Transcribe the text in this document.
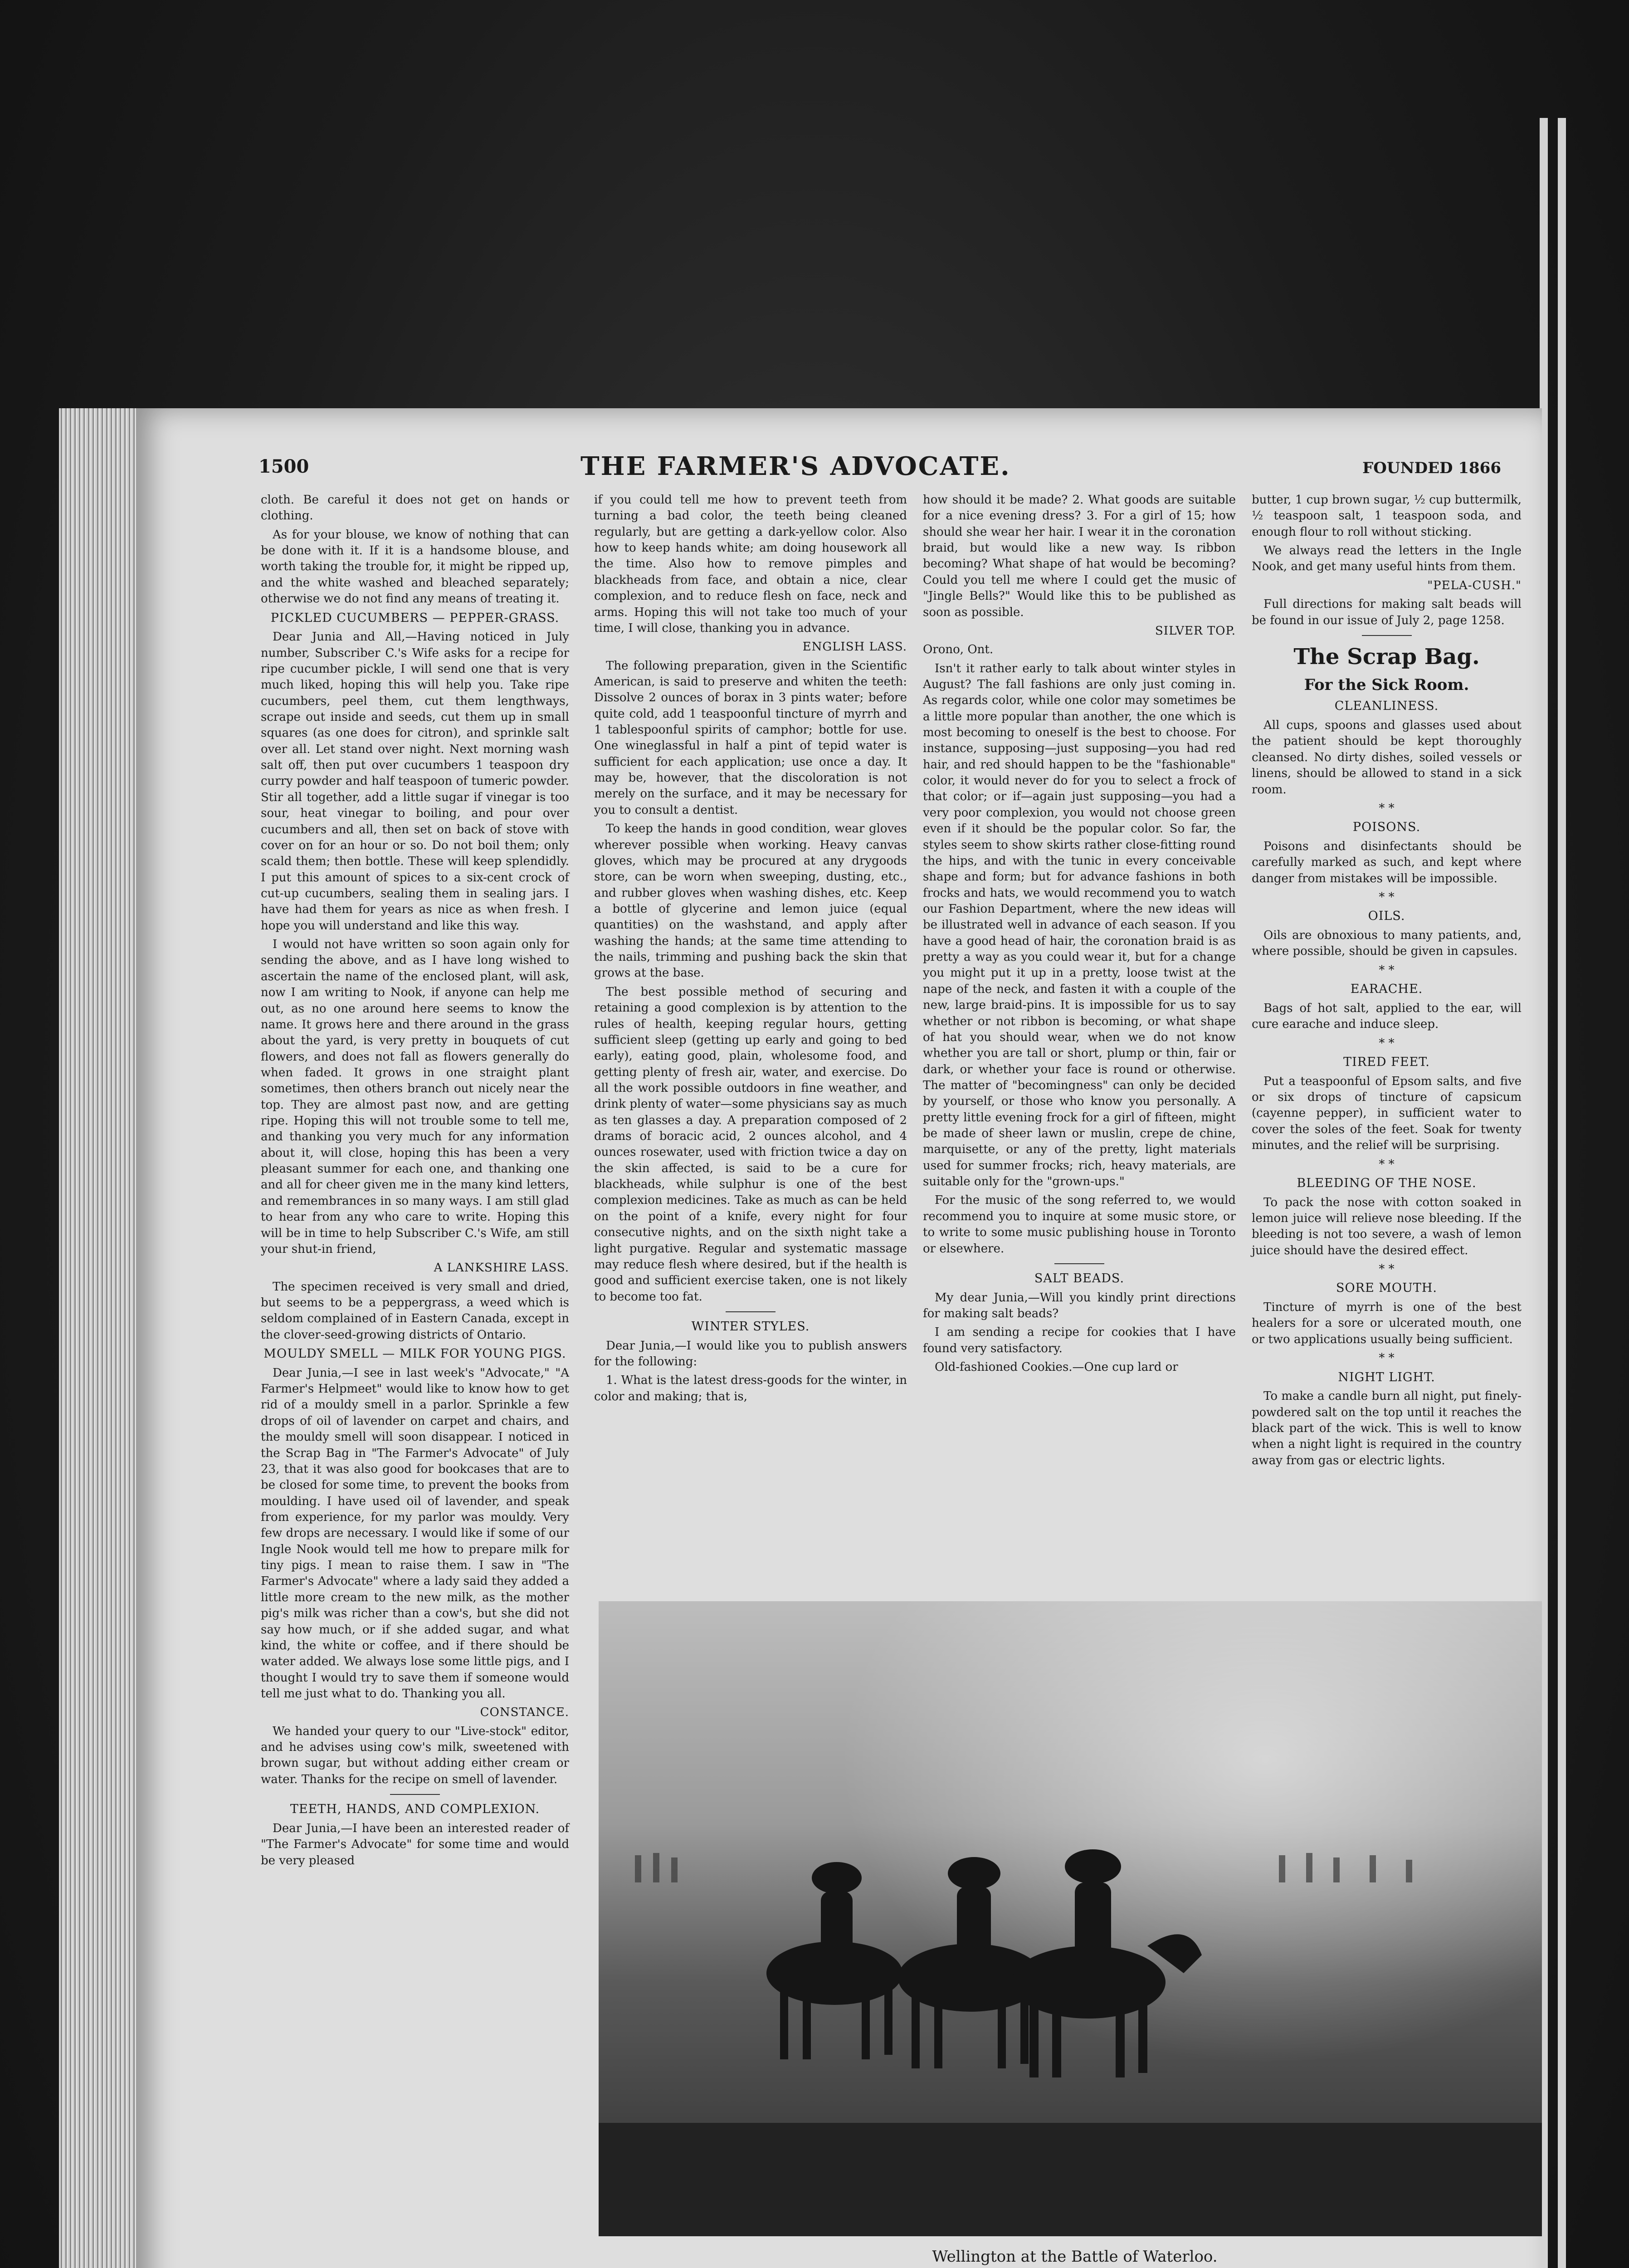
1500	THE FARMER'S ADVOCATE.	FOUNDED 1866

cloth. Be careful it does not get on hands or clothing.

As for your blouse, we know of nothing that can be done with it. If it is a handsome blouse, and worth taking the trouble for, it might be ripped up, and the white washed and bleached separately; otherwise we do not find any means of treating it.

PICKLED CUCUMBERS — PEPPER-GRASS.

Dear Junia and All,—Having noticed in July number, Subscriber C.'s Wife asks for a recipe for ripe cucumber pickle, I will send one that is very much liked, hoping this will help you. Take ripe cucumbers, peel them, cut them lengthways, scrape out inside and seeds, cut them up in small squares (as one does for citron), and sprinkle salt over all. Let stand over night. Next morning wash salt off, then put over cucumbers 1 teaspoon dry curry powder and half teaspoon of tumeric powder. Stir all together, add a little sugar if vinegar is too sour, heat vinegar to boiling, and pour over cucumbers and all, then set on back of stove with cover on for an hour or so. Do not boil them; only scald them; then bottle. These will keep splendidly. I put this amount of spices to a six-cent crock of cut-up cucumbers, sealing them in sealing jars. I have had them for years as nice as when fresh. I hope you will understand and like this way.

I would not have written so soon again only for sending the above, and as I have long wished to ascertain the name of the enclosed plant, will ask, now I am writing to Nook, if anyone can help me out, as no one around here seems to know the name. It grows here and there around in the grass about the yard, is very pretty in bouquets of cut flowers, and does not fall as flowers generally do when faded. It grows in one straight plant sometimes, then others branch out nicely near the top. They are almost past now, and are getting ripe. Hoping this will not trouble some to tell me, and thanking you very much for any information about it, will close, hoping this has been a very pleasant summer for each one, and thanking one and all for cheer given me in the many kind letters, and remembrances in so many ways. I am still glad to hear from any who care to write. Hoping this will be in time to help Subscriber C.'s Wife, am still your shut-in friend,

A LANKSHIRE LASS.

The specimen received is very small and dried, but seems to be a peppergrass, a weed which is seldom complained of in Eastern Canada, except in the clover-seed-growing districts of Ontario.

MOULDY SMELL — MILK FOR YOUNG PIGS.

Dear Junia,—I see in last week's "Advocate," "A Farmer's Helpmeet" would like to know how to get rid of a mouldy smell in a parlor. Sprinkle a few drops of oil of lavender on carpet and chairs, and the mouldy smell will soon disappear. I noticed in the Scrap Bag in "The Farmer's Advocate" of July 23, that it was also good for bookcases that are to be closed for some time, to prevent the books from moulding. I have used oil of lavender, and speak from experience, for my parlor was mouldy. Very few drops are necessary. I would like if some of our Ingle Nook would tell me how to prepare milk for tiny pigs. I mean to raise them. I saw in "The Farmer's Advocate" where a lady said they added a little more cream to the new milk, as the mother pig's milk was richer than a cow's, but she did not say how much, or if she added sugar, and what kind, the white or coffee, and if there should be water added. We always lose some little pigs, and I thought I would try to save them if someone would tell me just what to do. Thanking you all.

CONSTANCE.

We handed your query to our "Live-stock" editor, and he advises using cow's milk, sweetened with brown sugar, but without adding either cream or water. Thanks for the recipe on smell of lavender.

TEETH, HANDS, AND COMPLEXION.

Dear Junia,—I have been an interested reader of "The Farmer's Advocate" for some time and would be very pleased

if you could tell me how to prevent teeth from turning a bad color, the teeth being cleaned regularly, but are getting a dark-yellow color. Also how to keep hands white; am doing housework all the time. Also how to remove pimples and blackheads from face, and obtain a nice, clear complexion, and to reduce flesh on face, neck and arms. Hoping this will not take too much of your time, I will close, thanking you in advance.

ENGLISH LASS.

The following preparation, given in the Scientific American, is said to preserve and whiten the teeth: Dissolve 2 ounces of borax in 3 pints water; before quite cold, add 1 teaspoonful tincture of myrrh and 1 tablespoonful spirits of camphor; bottle for use. One wineglassful in half a pint of tepid water is sufficient for each application; use once a day. It may be, however, that the discoloration is not merely on the surface, and it may be necessary for you to consult a dentist.

To keep the hands in good condition, wear gloves wherever possible when working. Heavy canvas gloves, which may be procured at any drygoods store, can be worn when sweeping, dusting, etc., and rubber gloves when washing dishes, etc. Keep a bottle of glycerine and lemon juice (equal quantities) on the washstand, and apply after washing the hands; at the same time attending to the nails, trimming and pushing back the skin that grows at the base.

The best possible method of securing and retaining a good complexion is by attention to the rules of health, keeping regular hours, getting sufficient sleep (getting up early and going to bed early), eating good, plain, wholesome food, and getting plenty of fresh air, water, and exercise. Do all the work possible outdoors in fine weather, and drink plenty of water—some physicians say as much as ten glasses a day. A preparation composed of 2 drams of boracic acid, 2 ounces alcohol, and 4 ounces rosewater, used with friction twice a day on the skin affected, is said to be a cure for blackheads, while sulphur is one of the best complexion medicines. Take as much as can be held on the point of a knife, every night for four consecutive nights, and on the sixth night take a light purgative. Regular and systematic massage may reduce flesh where desired, but if the health is good and sufficient exercise taken, one is not likely to become too fat.

WINTER STYLES.

Dear Junia,—I would like you to publish answers for the following:

1. What is the latest dress-goods for the winter, in color and making; that is,

how should it be made? 2. What goods are suitable for a nice evening dress? 3. For a girl of 15; how should she wear her hair. I wear it in the coronation braid, but would like a new way. Is ribbon becoming? What shape of hat would be becoming? Could you tell me where I could get the music of "Jingle Bells?" Would like this to be published as soon as possible.

SILVER TOP.

Orono, Ont.

Isn't it rather early to talk about winter styles in August? The fall fashions are only just coming in. As regards color, while one color may sometimes be a little more popular than another, the one which is most becoming to oneself is the best to choose. For instance, supposing—just supposing—you had red hair, and red should happen to be the "fashionable" color, it would never do for you to select a frock of that color; or if—again just supposing—you had a very poor complexion, you would not choose green even if it should be the popular color. So far, the styles seem to show skirts rather close-fitting round the hips, and with the tunic in every conceivable shape and form; but for advance fashions in both frocks and hats, we would recommend you to watch our Fashion Department, where the new ideas will be illustrated well in advance of each season. If you have a good head of hair, the coronation braid is as pretty a way as you could wear it, but for a change you might put it up in a pretty, loose twist at the nape of the neck, and fasten it with a couple of the new, large braid-pins. It is impossible for us to say whether or not ribbon is becoming, or what shape of hat you should wear, when we do not know whether you are tall or short, plump or thin, fair or dark, or whether your face is round or otherwise. The matter of "becomingness" can only be decided by yourself, or those who know you personally. A pretty little evening frock for a girl of fifteen, might be made of sheer lawn or muslin, crepe de chine, marquisette, or any of the pretty, light materials used for summer frocks; rich, heavy materials, are suitable only for the "grown-ups."

For the music of the song referred to, we would recommend you to inquire at some music store, or to write to some music publishing house in Toronto or elsewhere.

SALT BEADS.

My dear Junia,—Will you kindly print directions for making salt beads?

I am sending a recipe for cookies that I have found very satisfactory.

Old-fashioned Cookies.—One cup lard or

butter, 1 cup brown sugar, ½ cup buttermilk, ½ teaspoon salt, 1 teaspoon soda, and enough flour to roll without sticking.

We always read the letters in the Ingle Nook, and get many useful hints from them.

"PELA-CUSH."

Full directions for making salt beads will be found in our issue of July 2, page 1258.

The Scrap Bag.

For the Sick Room.

CLEANLINESS.

All cups, spoons and glasses used about the patient should be kept thoroughly cleansed. No dirty dishes, soiled vessels or linens, should be allowed to stand in a sick room.

* *

POISONS.

Poisons and disinfectants should be carefully marked as such, and kept where danger from mistakes will be impossible.

* *

OILS.

Oils are obnoxious to many patients, and, where possible, should be given in capsules.

* *

EARACHE.

Bags of hot salt, applied to the ear, will cure earache and induce sleep.

* *

TIRED FEET.

Put a teaspoonful of Epsom salts, and five or six drops of tincture of capsicum (cayenne pepper), in sufficient water to cover the soles of the feet. Soak for twenty minutes, and the relief will be surprising.

* *

BLEEDING OF THE NOSE.

To pack the nose with cotton soaked in lemon juice will relieve nose bleeding. If the bleeding is not too severe, a wash of lemon juice should have the desired effect.

* *

SORE MOUTH.

Tincture of myrrh is one of the best healers for a sore or ulcerated mouth, one or two applications usually being sufficient.

* *

NIGHT LIGHT.

To make a candle burn all night, put finely-powdered salt on the top until it reaches the black part of the wick. This is well to know when a night light is required in the country away from gas or electric lights.

Wellington at the Battle of Waterloo.
